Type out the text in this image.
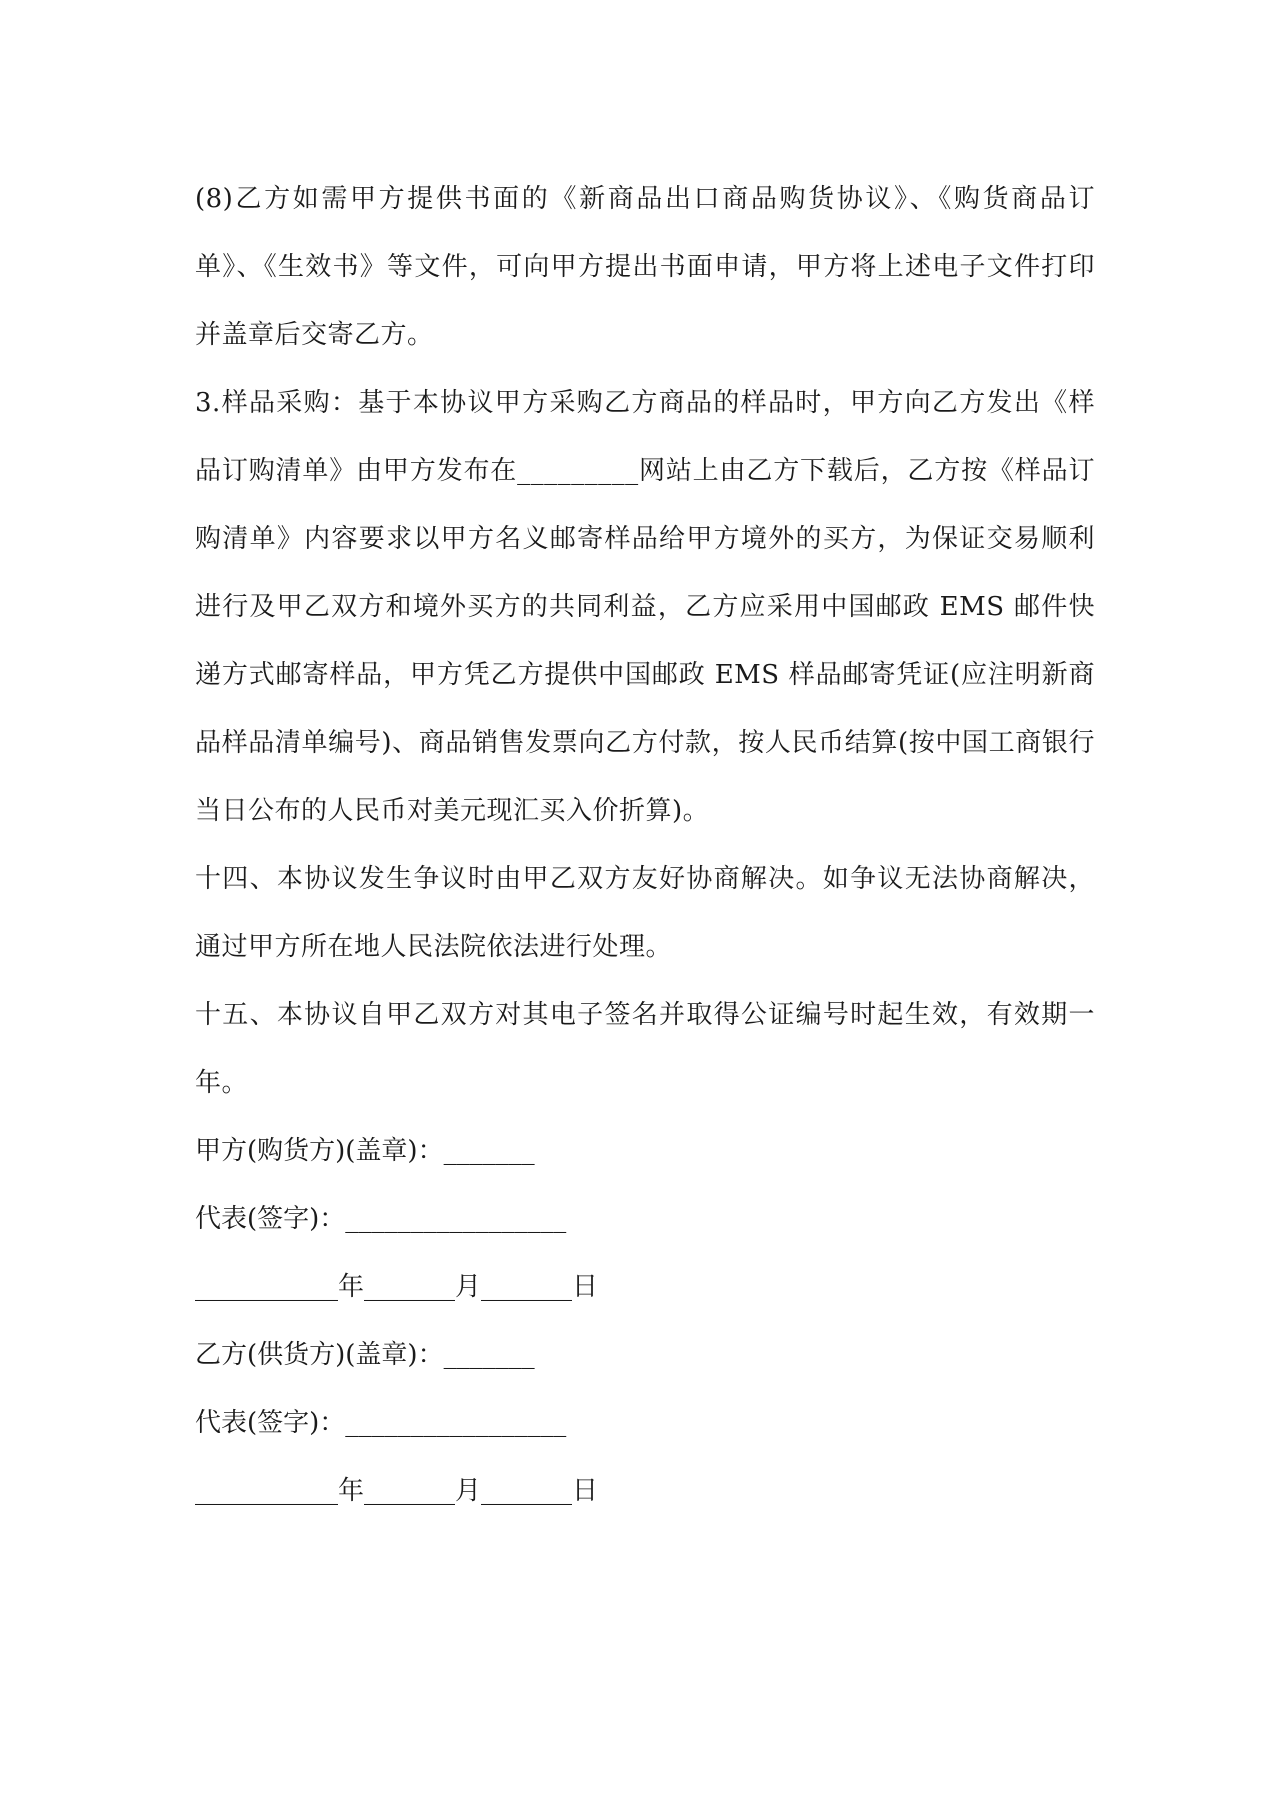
(8)乙方如需甲方提供书面的《新商品出口商品购货协议》、《购货商品订单》、《生效书》等文件，可向甲方提出书面申请，甲方将上述电子文件打印并盖章后交寄乙方。

3.样品采购：基于本协议甲方采购乙方商品的样品时，甲方向乙方发出《样品订购清单》由甲方发布在_________网站上由乙方下载后，乙方按《样品订购清单》内容要求以甲方名义邮寄样品给甲方境外的买方，为保证交易顺利进行及甲乙双方和境外买方的共同利益，乙方应采用中国邮政 EMS 邮件快递方式邮寄样品，甲方凭乙方提供中国邮政 EMS 样品邮寄凭证(应注明新商品样品清单编号)、商品销售发票向乙方付款，按人民币结算(按中国工商银行当日公布的人民币对美元现汇买入价折算)。

十四、本协议发生争议时由甲乙双方友好协商解决。如争议无法协商解决，通过甲方所在地人民法院依法进行处理。

十五、本协议自甲乙双方对其电子签名并取得公证编号时起生效，有效期一年。

甲方(购货方)(盖章)：_______

代表(签字)：_________________

___________年_______月_______日

乙方(供货方)(盖章)：_______

代表(签字)：_________________

___________年_______月_______日
